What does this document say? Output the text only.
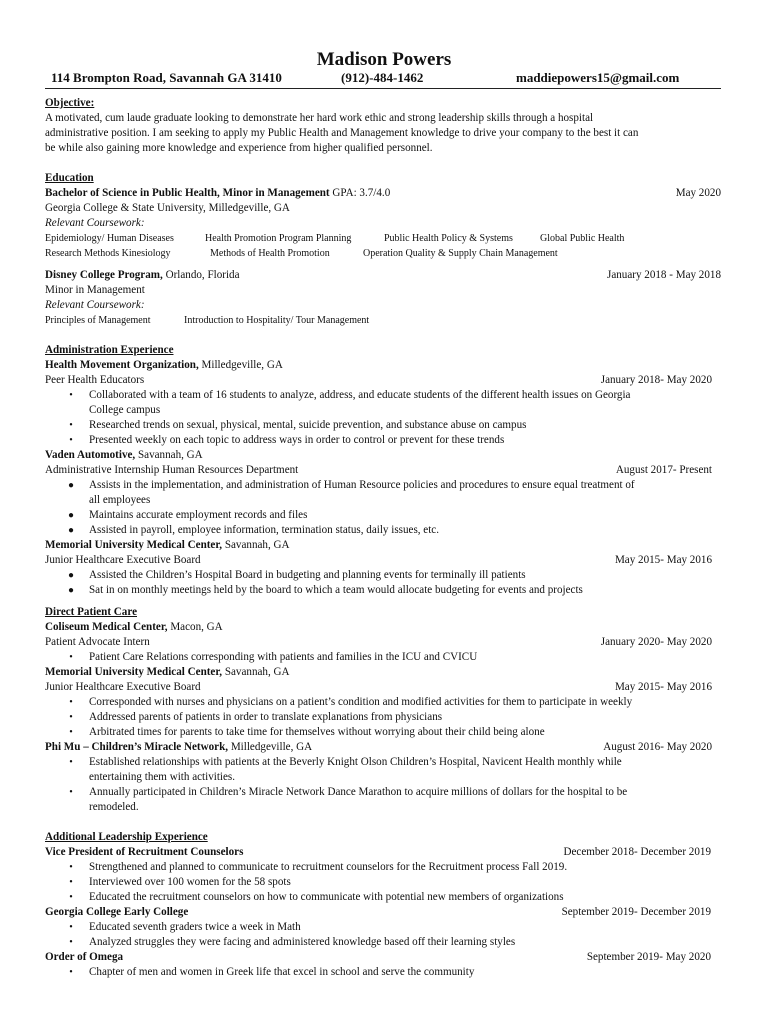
Madison Powers
114 Brompton Road, Savannah GA 31410	(912)-484-1462	maddiepowers15@gmail.com
Objective:
A motivated, cum laude graduate looking to demonstrate her hard work ethic and strong leadership skills through a hospital
administrative position. I am seeking to apply my Public Health and Management knowledge to drive your company to the best it can
be while also gaining more knowledge and experience from higher qualified personnel.
Education
Bachelor of Science in Public Health, Minor in Management GPA: 3.7/4.0	May 2020
Georgia College & State University, Milledgeville, GA
Relevant Coursework:
Epidemiology/ Human Diseases	Health Promotion Program Planning	Public Health Policy & Systems	Global Public Health
Research Methods Kinesiology	Methods of Health Promotion	Operation Quality & Supply Chain Management
Disney College Program, Orlando, Florida	January 2018 - May 2018
Minor in Management
Relevant Coursework:
Principles of Management	Introduction to Hospitality/ Tour Management
Administration Experience
Health Movement Organization, Milledgeville, GA
Peer Health Educators	January 2018- May 2020
• Collaborated with a team of 16 students to analyze, address, and educate students of the different health issues on Georgia
College campus
• Researched trends on sexual, physical, mental, suicide prevention, and substance abuse on campus
• Presented weekly on each topic to address ways in order to control or prevent for these trends
Vaden Automotive, Savannah, GA
Administrative Internship Human Resources Department	August 2017- Present
● Assists in the implementation, and administration of Human Resource policies and procedures to ensure equal treatment of
all employees
● Maintains accurate employment records and files
● Assisted in payroll, employee information, termination status, daily issues, etc.
Memorial University Medical Center, Savannah, GA
Junior Healthcare Executive Board	May 2015- May 2016
● Assisted the Children’s Hospital Board in budgeting and planning events for terminally ill patients
● Sat in on monthly meetings held by the board to which a team would allocate budgeting for events and projects
Direct Patient Care
Coliseum Medical Center, Macon, GA
Patient Advocate Intern	January 2020- May 2020
• Patient Care Relations corresponding with patients and families in the ICU and CVICU
Memorial University Medical Center, Savannah, GA
Junior Healthcare Executive Board	May 2015- May 2016
• Corresponded with nurses and physicians on a patient’s condition and modified activities for them to participate in weekly
• Addressed parents of patients in order to translate explanations from physicians
• Arbitrated times for parents to take time for themselves without worrying about their child being alone
Phi Mu – Children’s Miracle Network, Milledgeville, GA	August 2016- May 2020
• Established relationships with patients at the Beverly Knight Olson Children’s Hospital, Navicent Health monthly while
entertaining them with activities.
• Annually participated in Children’s Miracle Network Dance Marathon to acquire millions of dollars for the hospital to be
remodeled.
Additional Leadership Experience
Vice President of Recruitment Counselors	December 2018- December 2019
• Strengthened and planned to communicate to recruitment counselors for the Recruitment process Fall 2019.
• Interviewed over 100 women for the 58 spots
• Educated the recruitment counselors on how to communicate with potential new members of organizations
Georgia College Early College	September 2019- December 2019
• Educated seventh graders twice a week in Math
• Analyzed struggles they were facing and administered knowledge based off their learning styles
Order of Omega	September 2019- May 2020
• Chapter of men and women in Greek life that excel in school and serve the community
